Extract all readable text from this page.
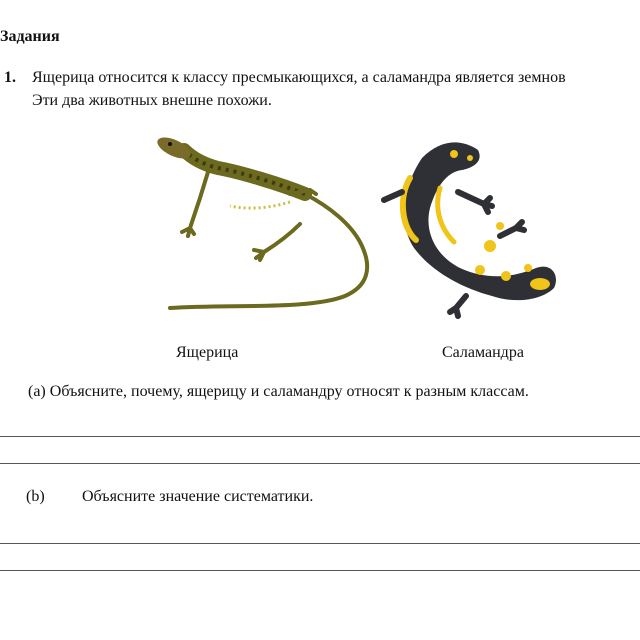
Задания
1. Ящерица относится к классу пресмыкающихся, а саламандра является земнов
Эти два животных внешне похожи.
Ящерица	Саламандра
(a) Объясните, почему, ящерицу и саламандру относят к разным классам.
(b) Объясните значение систематики.
